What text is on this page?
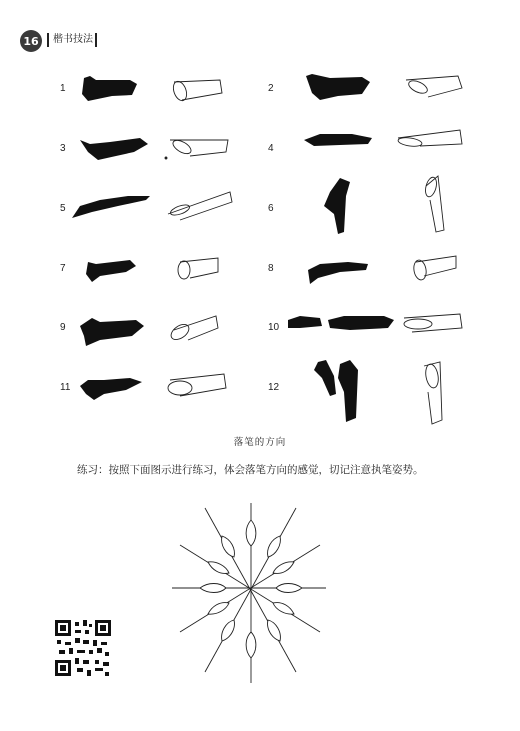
16 楷书技法
1	2
3	4
5	6
7	8
9	10
11	12
落笔的方向
练习：按照下面图示进行练习，体会落笔方向的感觉，切记注意执笔姿势。
